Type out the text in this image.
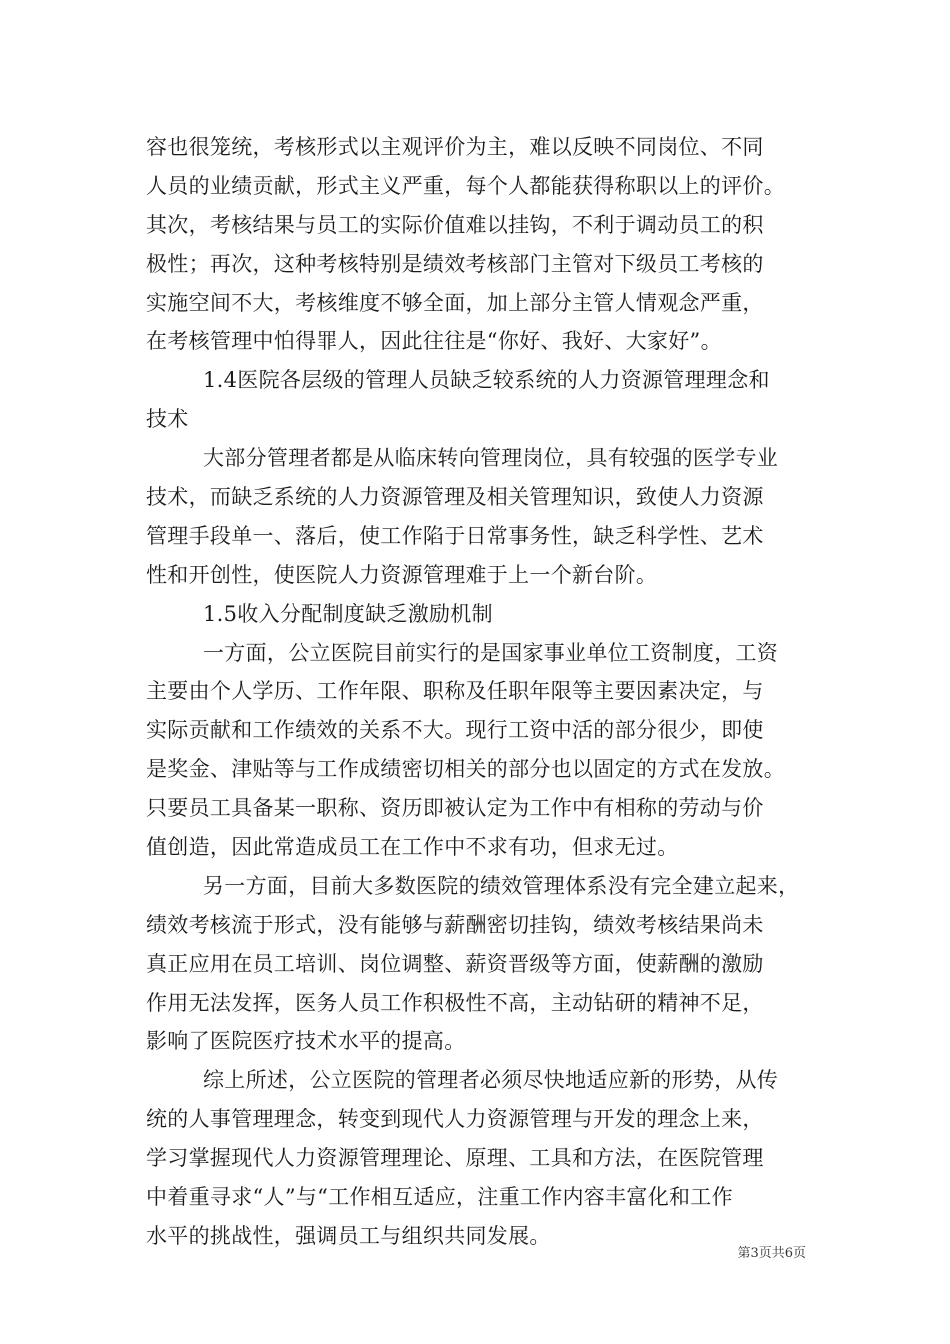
容也很笼统，考核形式以主观评价为主，难以反映不同岗位、不同
人员的业绩贡献，形式主义严重，每个人都能获得称职以上的评价。
其次，考核结果与员工的实际价值难以挂钩，不利于调动员工的积
极性；再次，这种考核特别是绩效考核部门主管对下级员工考核的
实施空间不大，考核维度不够全面，加上部分主管人情观念严重，
在考核管理中怕得罪人，因此往往是“你好、我好、大家好”。
1.4医院各层级的管理人员缺乏较系统的人力资源管理理念和
技术
大部分管理者都是从临床转向管理岗位，具有较强的医学专业
技术，而缺乏系统的人力资源管理及相关管理知识，致使人力资源
管理手段单一、落后，使工作陷于日常事务性，缺乏科学性、艺术
性和开创性，使医院人力资源管理难于上一个新台阶。
1.5收入分配制度缺乏激励机制
一方面，公立医院目前实行的是国家事业单位工资制度，工资
主要由个人学历、工作年限、职称及任职年限等主要因素决定，与
实际贡献和工作绩效的关系不大。现行工资中活的部分很少，即使
是奖金、津贴等与工作成绩密切相关的部分也以固定的方式在发放。
只要员工具备某一职称、资历即被认定为工作中有相称的劳动与价
值创造，因此常造成员工在工作中不求有功，但求无过。
另一方面，目前大多数医院的绩效管理体系没有完全建立起来，
绩效考核流于形式，没有能够与薪酬密切挂钩，绩效考核结果尚未
真正应用在员工培训、岗位调整、薪资晋级等方面，使薪酬的激励
作用无法发挥，医务人员工作积极性不高，主动钻研的精神不足，
影响了医院医疗技术水平的提高。
综上所述，公立医院的管理者必须尽快地适应新的形势，从传
统的人事管理理念，转变到现代人力资源管理与开发的理念上来，
学习掌握现代人力资源管理理论、原理、工具和方法，在医院管理
中着重寻求“人”与“工作相互适应，注重工作内容丰富化和工作
水平的挑战性，强调员工与组织共同发展。
第3页共6页
